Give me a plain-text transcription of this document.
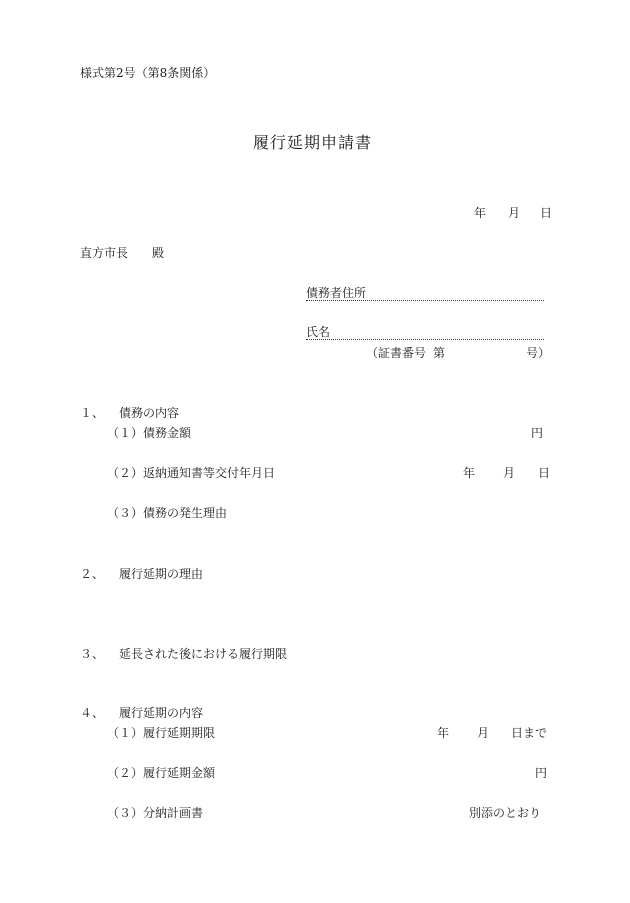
様式第2号（第8条関係）
履行延期申請書
年 月 日
直方市長 殿
債務者住所
氏名
（証書番号 第	号）
１、 債務の内容
（１）債務金額	円
（２）返納通知書等交付年月日	年 月 日
（３）債務の発生理由
２、 履行延期の理由
３、 延長された後における履行期限
４、 履行延期の内容
（１）履行延期期限	年 月 日まで
（２）履行延期金額	円
（３）分納計画書	別添のとおり
